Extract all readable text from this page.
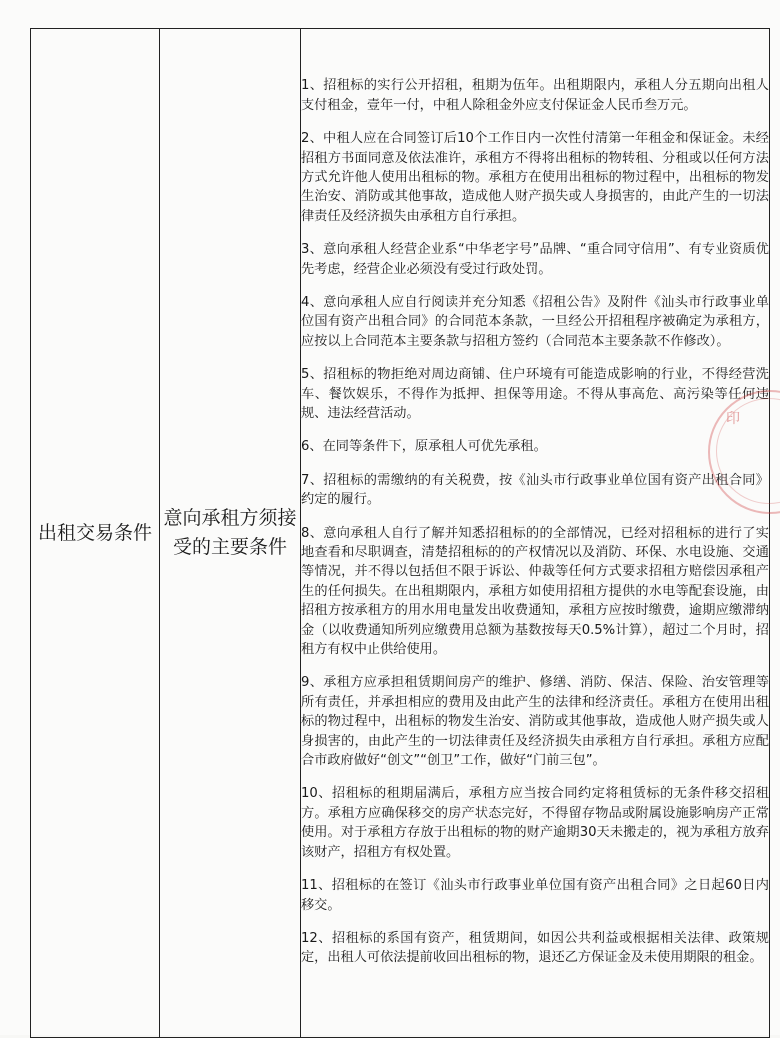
出租交易条件	意向承租方须接受的主要条件	

1、招租标的实行公开招租，租期为伍年。出租期限内，承租人分五期向出租人支付租金，壹年一付，中租人除租金外应支付保证金人民币叁万元。

2、中租人应在合同签订后10个工作日内一次性付清第一年租金和保证金。未经招租方书面同意及依法准许，承租方不得将出租标的物转租、分租或以任何方法方式允许他人使用出租标的物。承租方在使用出租标的物过程中，出租标的物发生治安、消防或其他事故，造成他人财产损失或人身损害的，由此产生的一切法律责任及经济损失由承租方自行承担。

3、意向承租人经营企业系“中华老字号”品牌、“重合同守信用”、有专业资质优先考虑，经营企业必须没有受过行政处罚。

4、意向承租人应自行阅读并充分知悉《招租公告》及附件《汕头市行政事业单位国有资产出租合同》的合同范本条款，一旦经公开招租程序被确定为承租方，应按以上合同范本主要条款与招租方签约（合同范本主要条款不作修改）。

5、招租标的物拒绝对周边商铺、住户环境有可能造成影响的行业，不得经营洗车、餐饮娱乐，不得作为抵押、担保等用途。不得从事高危、高污染等任何违规、违法经营活动。

6、在同等条件下，原承租人可优先承租。

7、招租标的需缴纳的有关税费，按《汕头市行政事业单位国有资产出租合同》约定的履行。

8、意向承租人自行了解并知悉招租标的的全部情况，已经对招租标的进行了实地查看和尽职调查，清楚招租标的的产权情况以及消防、环保、水电设施、交通等情况，并不得以包括但不限于诉讼、仲裁等任何方式要求招租方赔偿因承租产生的任何损失。在出租期限内，承租方如使用招租方提供的水电等配套设施，由招租方按承租方的用水用电量发出收费通知，承租方应按时缴费，逾期应缴滞纳金（以收费通知所列应缴费用总额为基数按每天0.5%计算），超过二个月时，招租方有权中止供给使用。

9、承租方应承担租赁期间房产的维护、修缮、消防、保洁、保险、治安管理等所有责任，并承担相应的费用及由此产生的法律和经济责任。承租方在使用出租标的物过程中，出租标的物发生治安、消防或其他事故，造成他人财产损失或人身损害的，由此产生的一切法律责任及经济损失由承租方自行承担。承租方应配合市政府做好“创文”“创卫”工作，做好“门前三包”。

10、招租标的租期届满后，承租方应当按合同约定将租赁标的无条件移交招租方。承租方应确保移交的房产状态完好，不得留存物品或附属设施影响房产正常使用。对于承租方存放于出租标的物的财产逾期30天未搬走的，视为承租方放弃该财产，招租方有权处置。

11、招租标的在签订《汕头市行政事业单位国有资产出租合同》之日起60日内移交。

12、招租标的系国有资产，租赁期间，如因公共利益或根据相关法律、政策规定，出租人可依法提前收回出租标的物，退还乙方保证金及未使用期限的租金。

印
